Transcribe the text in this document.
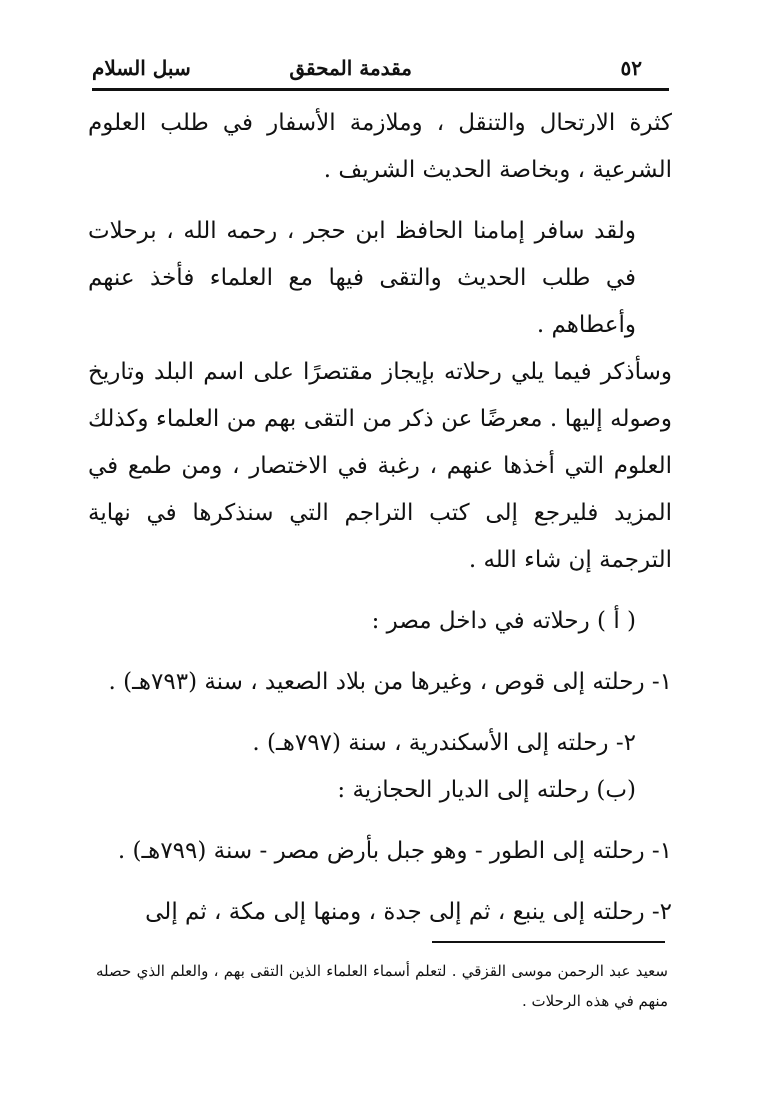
٥٢
مقدمة المحقق
سبل السلام

كثرة الارتحال والتنقل ، وملازمة الأسفار في طلب العلوم الشرعية ، وبخاصة الحديث الشريف .

ولقد سافر إمامنا الحافظ ابن حجر ، رحمه الله ، برحلات في طلب الحديث والتقى فيها مع العلماء فأخذ عنهم وأعطاهم .

وسأذكر فيما يلي رحلاته بإيجاز مقتصرًا على اسم البلد وتاريخ وصوله إليها . معرضًا عن ذكر من التقى بهم من العلماء وكذلك العلوم التي أخذها عنهم ، رغبة في الاختصار ، ومن طمع في المزيد فليرجع إلى كتب التراجم التي سنذكرها في نهاية الترجمة إن شاء الله .

( أ ) رحلاته في داخل مصر :

١- رحلته إلى قوص ، وغيرها من بلاد الصعيد ، سنة (٧٩٣هـ) .

٢- رحلته إلى الأسكندرية ، سنة (٧٩٧هـ) .

(ب) رحلته إلى الديار الحجازية :

١- رحلته إلى الطور - وهو جبل بأرض مصر - سنة (٧٩٩هـ) .

٢- رحلته إلى ينبع ، ثم إلى جدة ، ومنها إلى مكة ، ثم إلى

سعيد عبد الرحمن موسى القزقي . لتعلم أسماء العلماء الذين التقى بهم ، والعلم الذي حصله منهم في هذه الرحلات .
